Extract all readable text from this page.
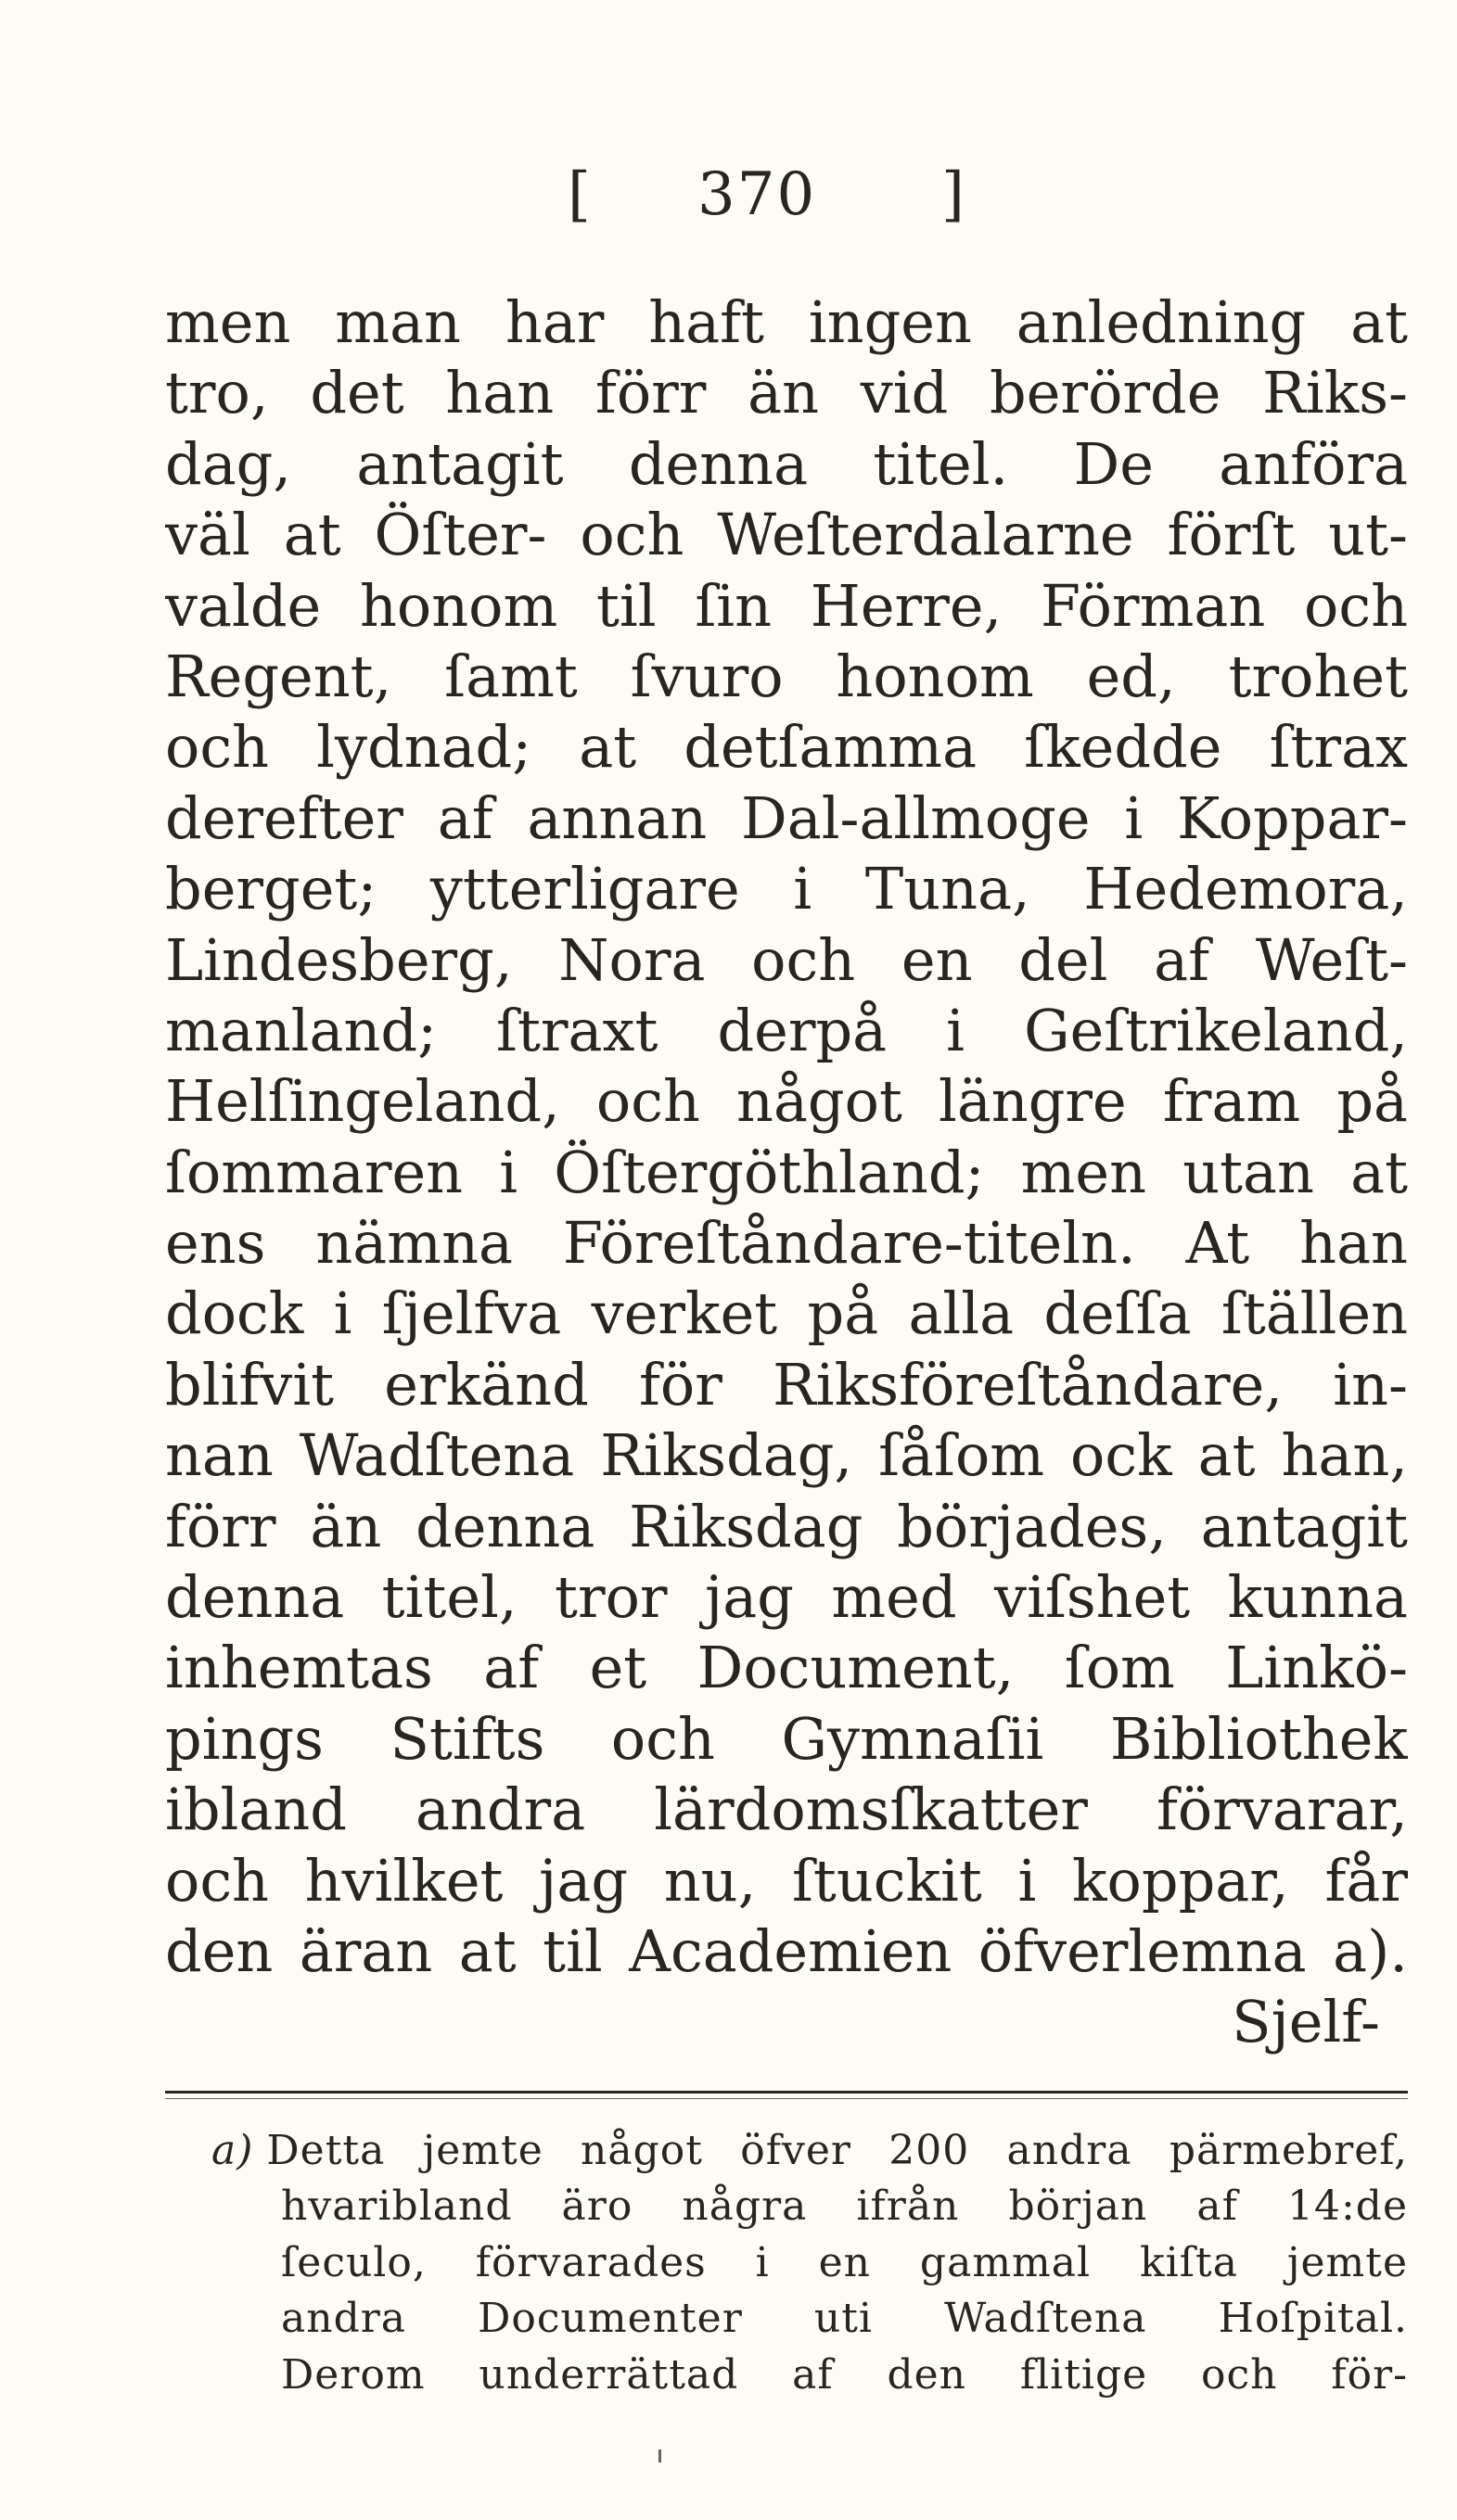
[ 370 ]
men man har haft ingen anledning at
tro, det han förr än vid berörde Riks-
dag, antagit denna titel. De anföra
väl at Öſter- och Weſterdalarne förſt ut-
valde honom til ſin Herre, Förman och
Regent, ſamt ſvuro honom ed, trohet
och lydnad; at detſamma ſkedde ſtrax
derefter af annan Dal-allmoge i Koppar-
berget; ytterligare i Tuna, Hedemora,
Lindesberg, Nora och en del af Weſt-
manland; ſtraxt derpå i Geſtrikeland,
Helſingeland, och något längre fram på
ſommaren i Öſtergöthland; men utan at
ens nämna Föreſtåndare-titeln. At han
dock i ſjelfva verket på alla deſſa ſtällen
blifvit erkänd för Riksföreſtåndare, in-
nan Wadſtena Riksdag, ſåſom ock at han,
förr än denna Riksdag börjades, antagit
denna titel, tror jag med viſshet kunna
inhemtas af et Document, ſom Linkö-
pings Stifts och Gymnaſii Bibliothek
ibland andra lärdomsſkatter förvarar,
och hvilket jag nu, ſtuckit i koppar, får
den äran at til Academien öfverlemna a).
Sjelf-
a) Detta jemte något öfver 200 andra pärmebref,
hvaribland äro några ifrån början af 14:de
ſeculo, förvarades i en gammal kiſta jemte
andra Documenter uti Wadſtena Hoſpital.
Derom underrättad af den flitige och för-
